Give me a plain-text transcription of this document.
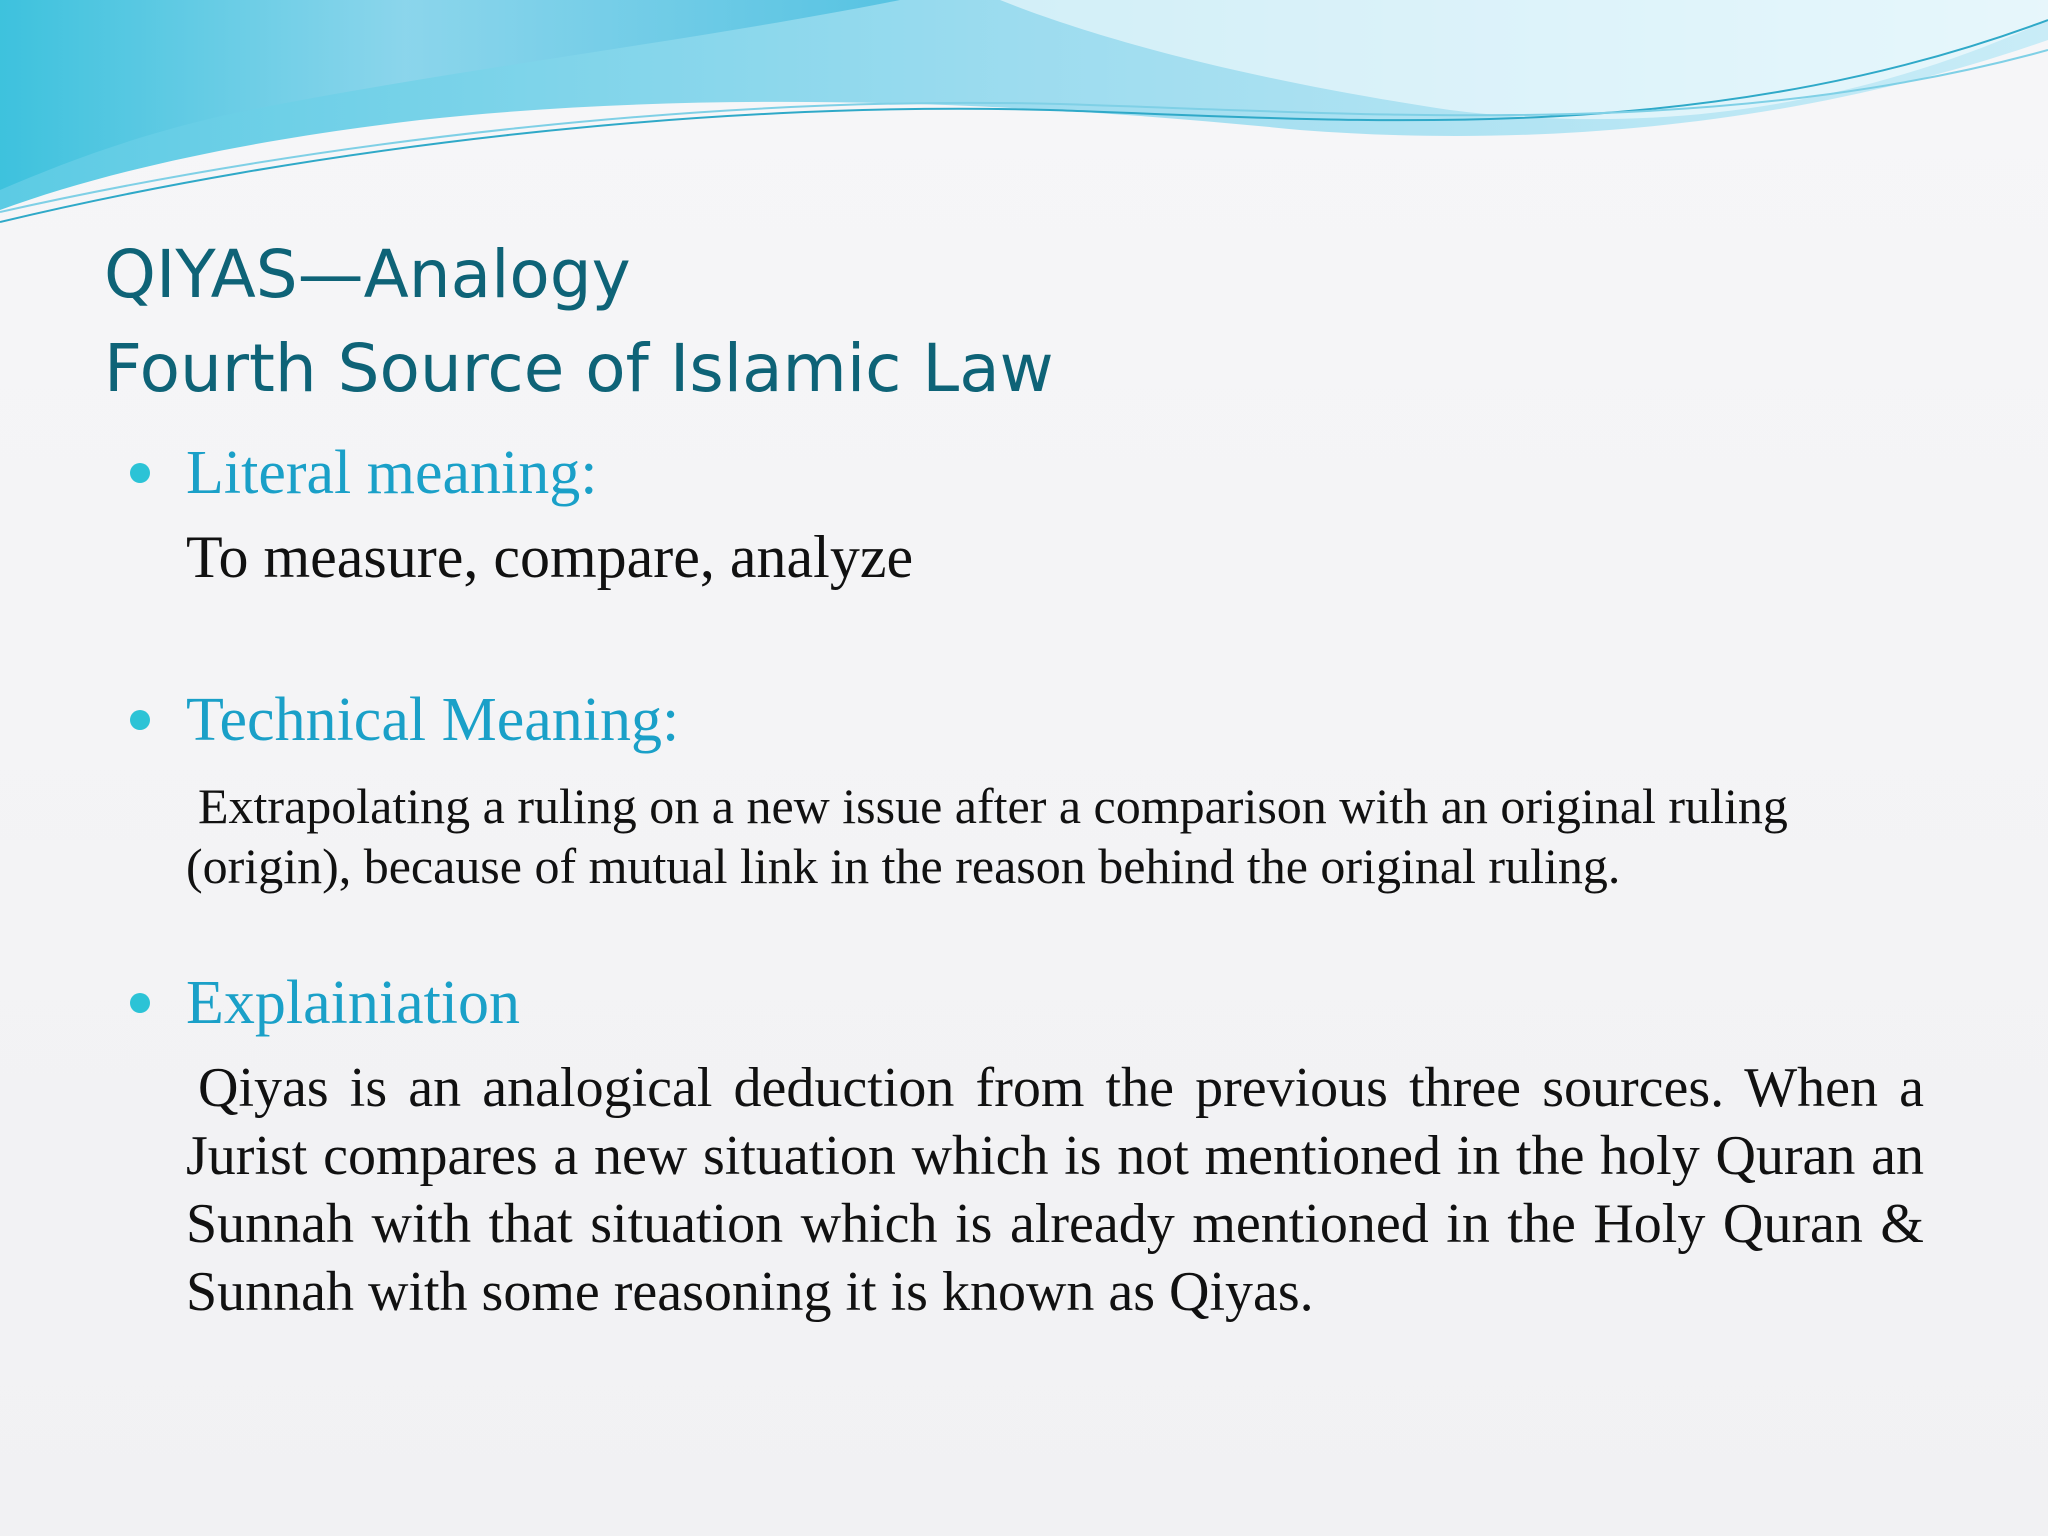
QIYAS—Analogy
Fourth Source of Islamic Law
Literal meaning:

To measure, compare, analyze

Technical Meaning:

Extrapolating a ruling on a new issue after a comparison with an original ruling (origin), because of mutual link in the reason behind the original ruling.

Explainiation

Qiyas is an analogical deduction from the previous three sources. When a Jurist compares a new situation which is not mentioned in the holy Quran an Sunnah with that situation which is already mentioned in the Holy Quran & Sunnah with some reasoning it is known as Qiyas.
